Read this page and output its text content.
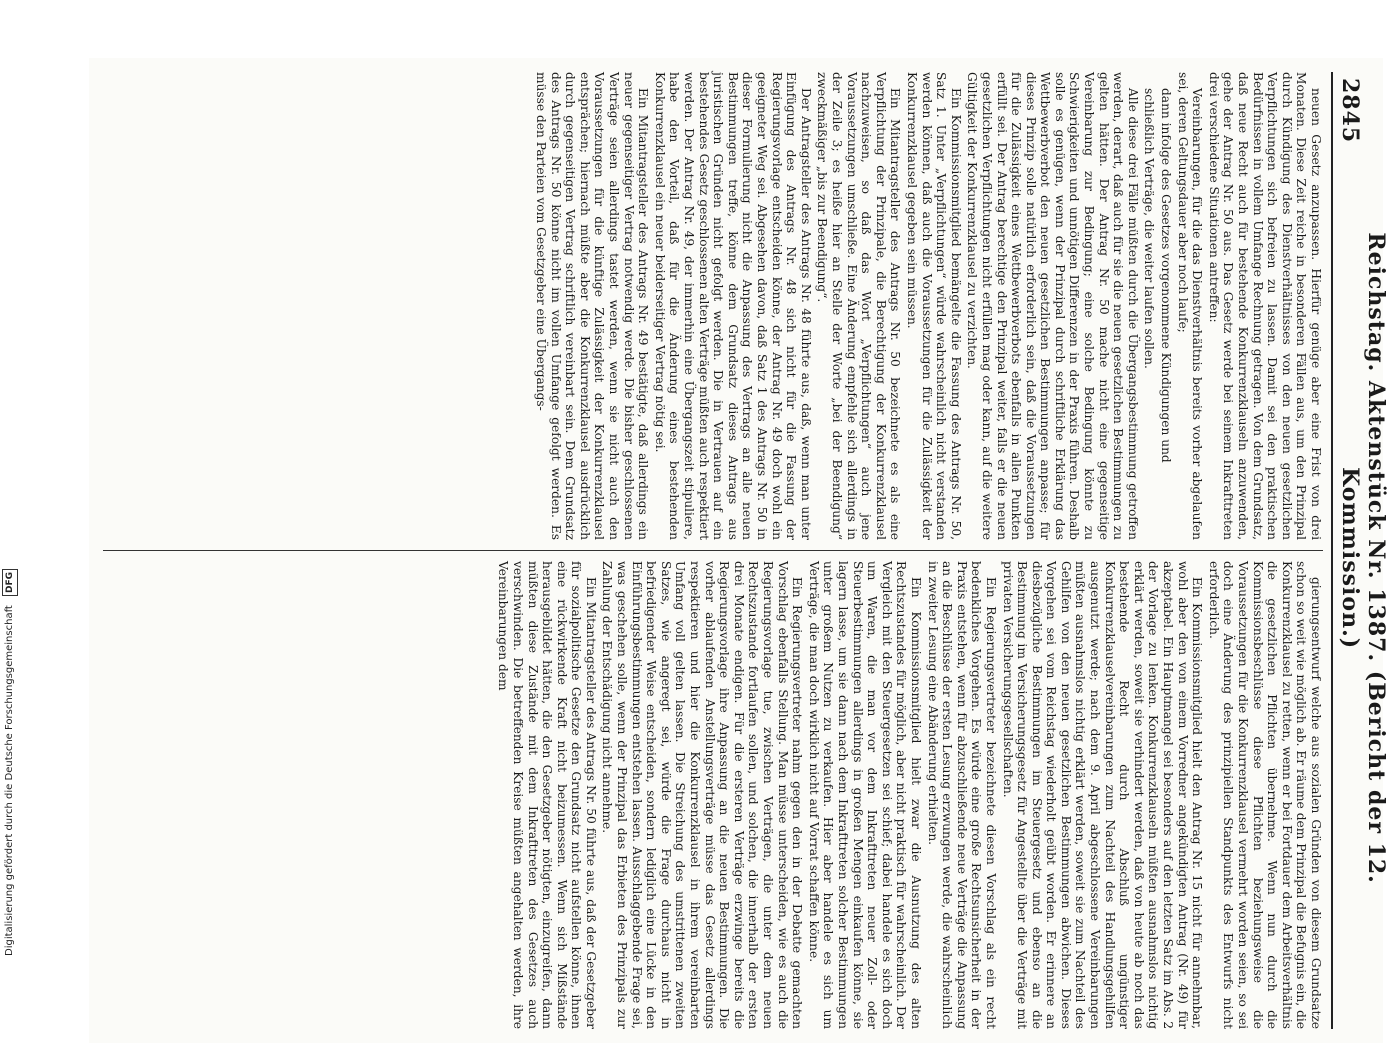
2845
Reichstag. Aktenstück Nr. 1387. (Bericht der 12. Kommission.)

neuen Gesetz anzupassen. Hierfür genüge aber eine Frist von drei Monaten. Diese Zeit reiche in besonderen Fällen aus, um den Prinzipal durch Kündigung des Dienstverhältnisses von den neuen gesetzlichen Verpflichtungen sich befreien zu lassen. Damit sei den praktischen Bedürfnissen in vollem Umfange Rechnung getragen. Von dem Grundsatz, daß neue Recht auch für bestehende Konkurrenzklauseln anzuwenden, gehe der Antrag Nr. 50 aus. Das Gesetz werde bei seinem Inkrafttreten drei verschiedene Situationen antreffen:

Vereinbarungen, für die das Dienstverhältnis bereits vorher abgelaufen sei, deren Geltungsdauer aber noch laufe;

dann infolge des Gesetzes vorgenommene Kündigungen und

schließlich Verträge, die weiter laufen sollen.

Alle diese drei Fälle müßten durch die Übergangsbestimmung getroffen werden, derart, daß auch für sie die neuen gesetzlichen Bestimmungen zu gelten hätten. Der Antrag Nr. 50 mache nicht eine gegenseitige Vereinbarung zur Bedingung; eine solche Bedingung könnte zu Schwierigkeiten und unnötigen Differenzen in der Praxis führen. Deshalb solle es genügen, wenn der Prinzipal durch schriftliche Erklärung das Wettbewerbverbot den neuen gesetzlichen Bestimmungen anpasse; für dieses Prinzip solle natürlich erforderlich sein, daß die Voraussetzungen für die Zulässigkeit eines Wettbewerbverbots ebenfalls in allen Punkten erfüllt sei. Der Antrag berechtige den Prinzipal weiter, falls er die neuen gesetzlichen Verpflichtungen nicht erfüllen mag oder kann, auf die weitere Gültigkeit der Konkurrenzklausel zu verzichten.

Ein Kommissionsmitglied bemängelte die Fassung des Antrags Nr. 50, Satz 1. Unter „Verpflichtungen“ würde wahrscheinlich nicht verstanden werden können, daß auch die Voraussetzungen für die Zulässigkeit der Konkurrenzklausel gegeben sein müssen.

Ein Mitantragsteller des Antrags Nr. 50 bezeichnete es als eine Verpflichtung der Prinzipale, die Berechtigung der Konkurrenzklausel nachzuweisen, so daß das Wort „Verpflichtungen“ auch jene Voraussetzungen umschließe. Eine Änderung empfehle sich allerdings in der Zeile 3; es heiße hier an Stelle der Worte „bei der Beendigung“ zweckmäßiger „bis zur Beendigung“.

Der Antragsteller des Antrags Nr. 48 führte aus, daß, wenn man unter Einfügung des Antrags Nr. 48 sich nicht für die Fassung der Regierungsvorlage entscheiden könne, der Antrag Nr. 49 doch wohl ein geeigneter Weg sei. Abgesehen davon, daß Satz 1 des Antrags Nr. 50 in dieser Formulierung nicht die Anpassung des Vertrags an alle neuen Bestimmungen treffe, könne dem Grundsatz dieses Antrags aus juristischen Gründen nicht gefolgt werden. Die in Vertrauen auf ein bestehendes Gesetz geschlossenen alten Verträge müßten auch respektiert werden. Der Antrag Nr. 49, der immerhin eine Übergangszeit stipuliere, habe den Vorteil, daß für die Änderung eines bestehenden Konkurrenzklausel ein neuer beiderseitiger Vertrag nötig sei.

Ein Mitantragsteller des Antrags Nr. 49 bestätigte, daß allerdings ein neuer gegenseitiger Vertrag notwendig werde. Die bisher geschlossenen Verträge seien allerdings tastet werden, wenn sie nicht auch den Voraussetzungen für die künftige Zulässigkeit der Konkurrenzklausel entsprächen; hiernach müßte aber die Konkurrenzklausel ausdrücklich durch gegenseitigen Vertrag schriftlich vereinbart sein. Dem Grundsatz des Antrags Nr. 50 könne nicht im vollen Umfange gefolgt werden. Es müsse den Parteien vom Gesetzgeber eine Übergangs-

gierungsentwurf welche aus sozialen Gründen von diesem Grundsatze schon so weit wie möglich ab. Er räume dem Prinzipal die Befugnis ein, die Konkurrenzklausel zu retten, wenn er bei Fortdauer dem Arbeitsverhältnis die gesetzlichen Pflichten übernehme. Wenn nun durch die Kommissionsbeschlüsse diese Pflichten beziehungsweise die Voraussetzungen für die Konkurrenzklausel vermehrt worden seien, so sei doch eine Änderung des prinzipiellen Standpunkts des Entwurfs nicht erforderlich.

Ein Kommissionsmitglied hielt den Antrag Nr. 15 nicht für annehmbar, wohl aber den von einem Vorredner angekündigten Antrag (Nr. 49) für akzeptabel. Ein Hauptmangel sei besonders auf den letzten Satz im Abs. 2 der Vorlage zu lenken. Konkurrenzklauseln müßten ausnahmslos nichtig erklärt werden, soweit sie verhindert werden, daß von heute ab noch das bestehende Recht durch Abschluß ungünstiger Konkurrenzklauselvereinbarungen zum Nachteil des Handlungsgehilfen ausgenutzt werde; nach dem 9. April abgeschlossene Vereinbarungen müßten ausnahmslos nichtig erklärt werden, soweit sie zum Nachteil des Gehilfen von den neuen gesetzlichen Bestimmungen abwichen. Dieses Vorgehen sei vom Reichstag wiederholt geübt worden. Er erinnere an diesbezügliche Bestimmungen im Steuergesetz und ebenso an die Bestimmung im Versicherungsgesetz für Angestellte über die Verträge mit privaten Versicherungsgesellschaften.

Ein Regierungsvertreter bezeichnete diesen Vorschlag als ein recht bedenkliches Vorgehen. Es würde eine große Rechtsunsicherheit in der Praxis entstehen, wenn für abzuschließende neue Verträge die Anpassung an die Beschlüsse der ersten Lesung erzwungen werde, die wahrscheinlich in zweiter Lesung eine Abänderung erhielten.

Ein Kommissionsmitglied hielt zwar die Ausnutzung des alten Rechtszustandes für möglich, aber nicht praktisch für wahrscheinlich. Der Vergleich mit den Steuergesetzen sei schief; dabei handele es sich doch um Waren, die man vor dem Inkrafttreten neuer Zoll- oder Steuerbestimmungen allerdings in großen Mengen einkaufen könne, sie lagern lasse, um sie dann nach dem Inkrafttreten solcher Bestimmungen unter großem Nutzen zu verkaufen. Hier aber handele es sich um Verträge, die man doch wirklich nicht auf Vorrat schaffen könne.

Ein Regierungsvertreter nahm gegen den in der Debatte gemachten Vorschlag ebenfalls Stellung. Man müsse unterscheiden, wie es auch die Regierungsvorlage tue, zwischen Verträgen, die unter dem neuen Rechtszustande fortlaufen sollen, und solchen, die innerhalb der ersten drei Monate endigen. Für die ersteren Verträge erzwinge bereits die Regierungsvorlage ihre Anpassung an die neuen Bestimmungen. Die vorher ablaufenden Anstellungsverträge müsse das Gesetz allerdings respektieren und hier die Konkurrenzklausel in ihrem vereinbarten Umfang voll gelten lassen. Die Streichung des umstrittenen zweiten Satzes, wie angeregt sei, würde die Frage durchaus nicht in befriedigender Weise entscheiden, sondern lediglich eine Lücke in den Einführungsbestimmungen entstehen lassen. Ausschlaggebende Frage sei, was geschehen solle, wenn der Prinzipal das Erbieten des Prinzipals zur Zahlung der Entschädigung nicht annehme.

Ein Mitantragsteller des Antrags Nr. 50 führte aus, daß der Gesetzgeber für sozialpolitische Gesetze den Grundsatz nicht aufstellen könne, ihnen eine rückwirkende Kraft nicht beizumessen. Wenn sich Mißstände herausgebildet hätten, die den Gesetzgeber nötigten, einzugreifen, dann müßten diese Zustände mit dem Inkrafttreten des Gesetzes auch verschwinden. Die betreffenden Kreise müßten angehalten werden, ihre Vereinbarungen dem

Digitalisierung gefördert durch die Deutsche Forschungsgemeinschaft DFG
